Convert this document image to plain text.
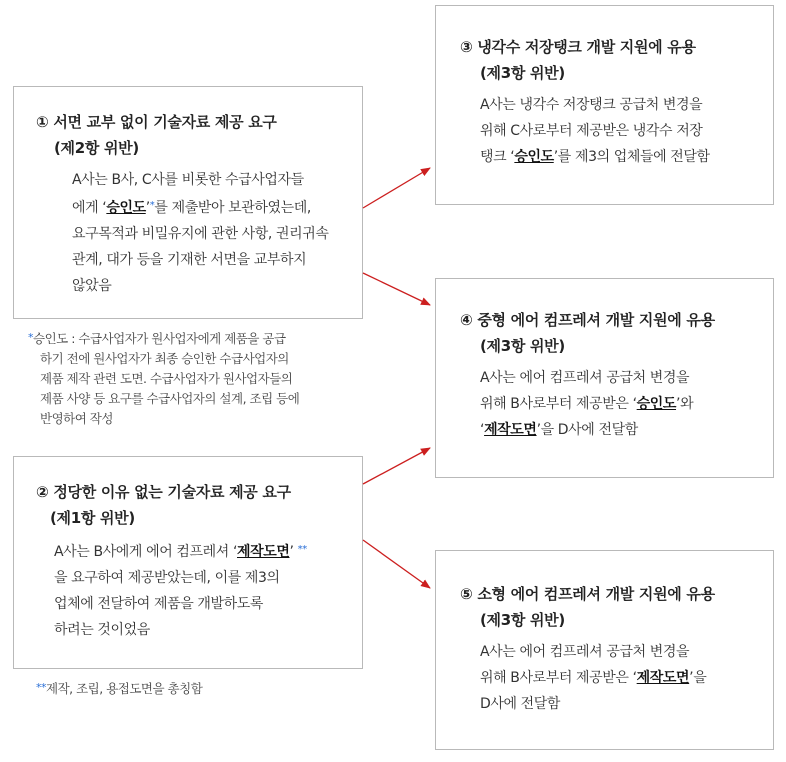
① 서면 교부 없이 기술자료 제공 요구
(제2항 위반)
A사는 B사, C사를 비롯한 수급사업자들
에게 ‘승인도’*를 제출받아 보관하였는데,
요구목적과 비밀유지에 관한 사항, 권리귀속
관계, 대가 등을 기재한 서면을 교부하지
않았음
*승인도 : 수급사업자가 원사업자에게 제품을 공급
하기 전에 원사업자가 최종 승인한 수급사업자의
제품 제작 관련 도면. 수급사업자가 원사업자들의
제품 사양 등 요구를 수급사업자의 설계, 조립 등에
반영하여 작성
② 정당한 이유 없는 기술자료 제공 요구
(제1항 위반)
A사는 B사에게 에어 컴프레셔 ‘제작도면’ **
을 요구하여 제공받았는데, 이를 제3의
업체에 전달하여 제품을 개발하도록
하려는 것이었음
**제작, 조립, 용접도면을 총칭함
③ 냉각수 저장탱크 개발 지원에 유용
(제3항 위반)
A사는 냉각수 저장탱크 공급처 변경을
위해 C사로부터 제공받은 냉각수 저장
탱크 ‘승인도’를 제3의 업체들에 전달함
④ 중형 에어 컴프레셔 개발 지원에 유용
(제3항 위반)
A사는 에어 컴프레셔 공급처 변경을
위해 B사로부터 제공받은 ‘승인도’와
‘제작도면’을 D사에 전달함
⑤ 소형 에어 컴프레셔 개발 지원에 유용
(제3항 위반)
A사는 에어 컴프레셔 공급처 변경을
위해 B사로부터 제공받은 ‘제작도면’을
D사에 전달함
